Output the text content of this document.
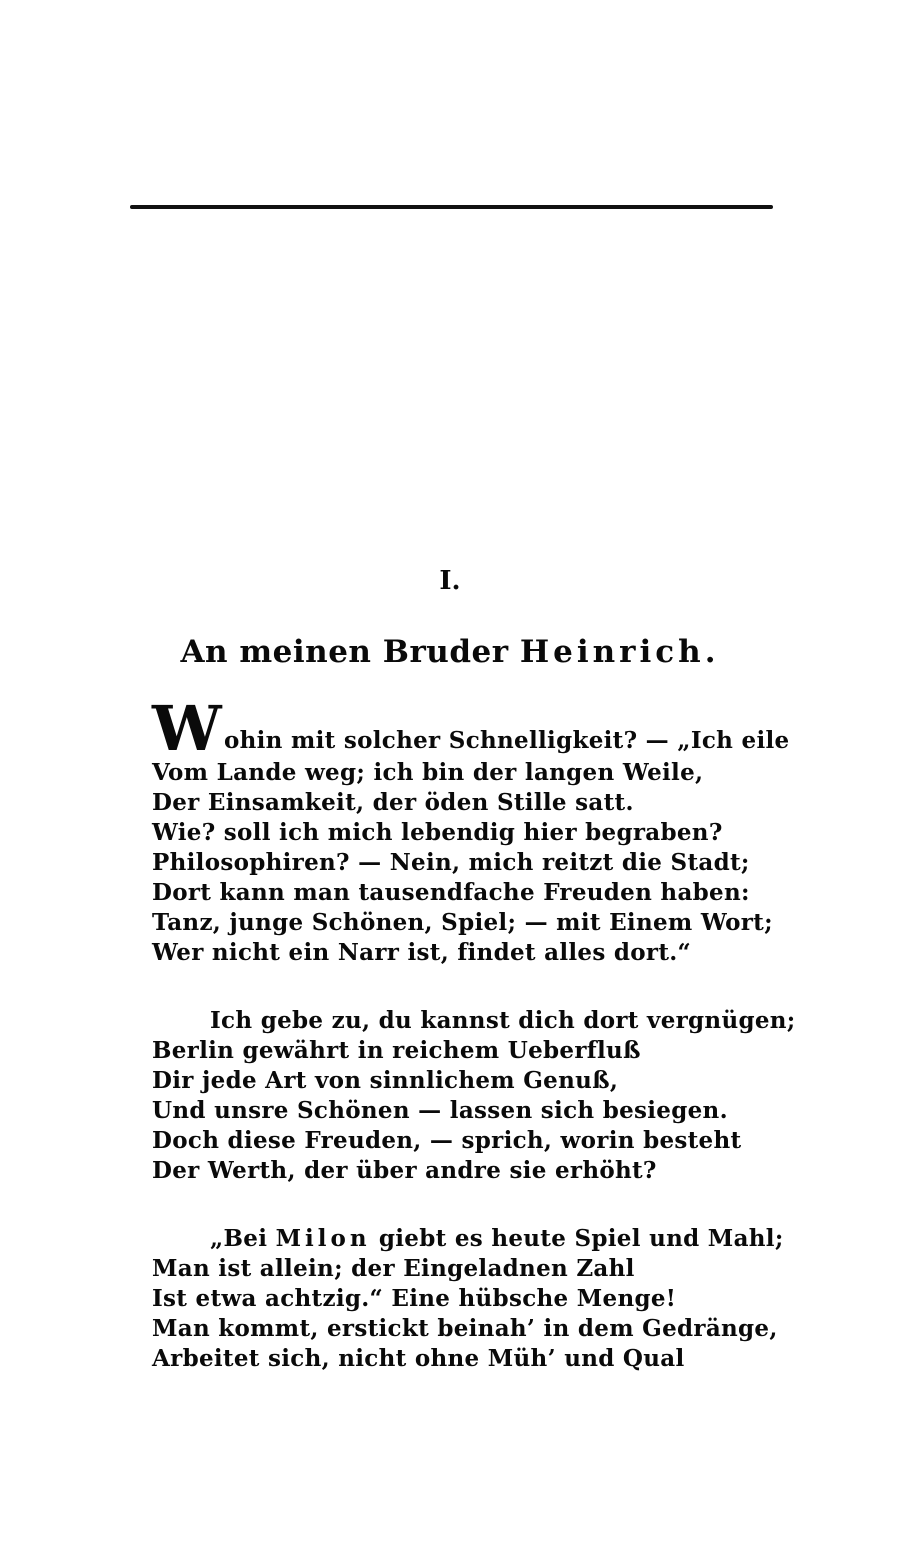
I.
An meinen Bruder Heinrich.
Wohin mit solcher Schnelligkeit? — „Ich eile
Vom Lande weg; ich bin der langen Weile,
Der Einsamkeit, der öden Stille satt.
Wie? soll ich mich lebendig hier begraben?
Philosophiren? — Nein, mich reitzt die Stadt;
Dort kann man tausendfache Freuden haben:
Tanz, junge Schönen, Spiel; — mit Einem Wort;
Wer nicht ein Narr ist, findet alles dort.“
Ich gebe zu, du kannst dich dort vergnügen;
Berlin gewährt in reichem Ueberfluß
Dir jede Art von sinnlichem Genuß,
Und unsre Schönen — lassen sich besiegen.
Doch diese Freuden, — sprich, worin besteht
Der Werth, der über andre sie erhöht?
„Bei Milon giebt es heute Spiel und Mahl;
Man ist allein; der Eingeladnen Zahl
Ist etwa achtzig.“ Eine hübsche Menge!
Man kommt, erstickt beinah’ in dem Gedränge,
Arbeitet sich, nicht ohne Müh’ und Qual
